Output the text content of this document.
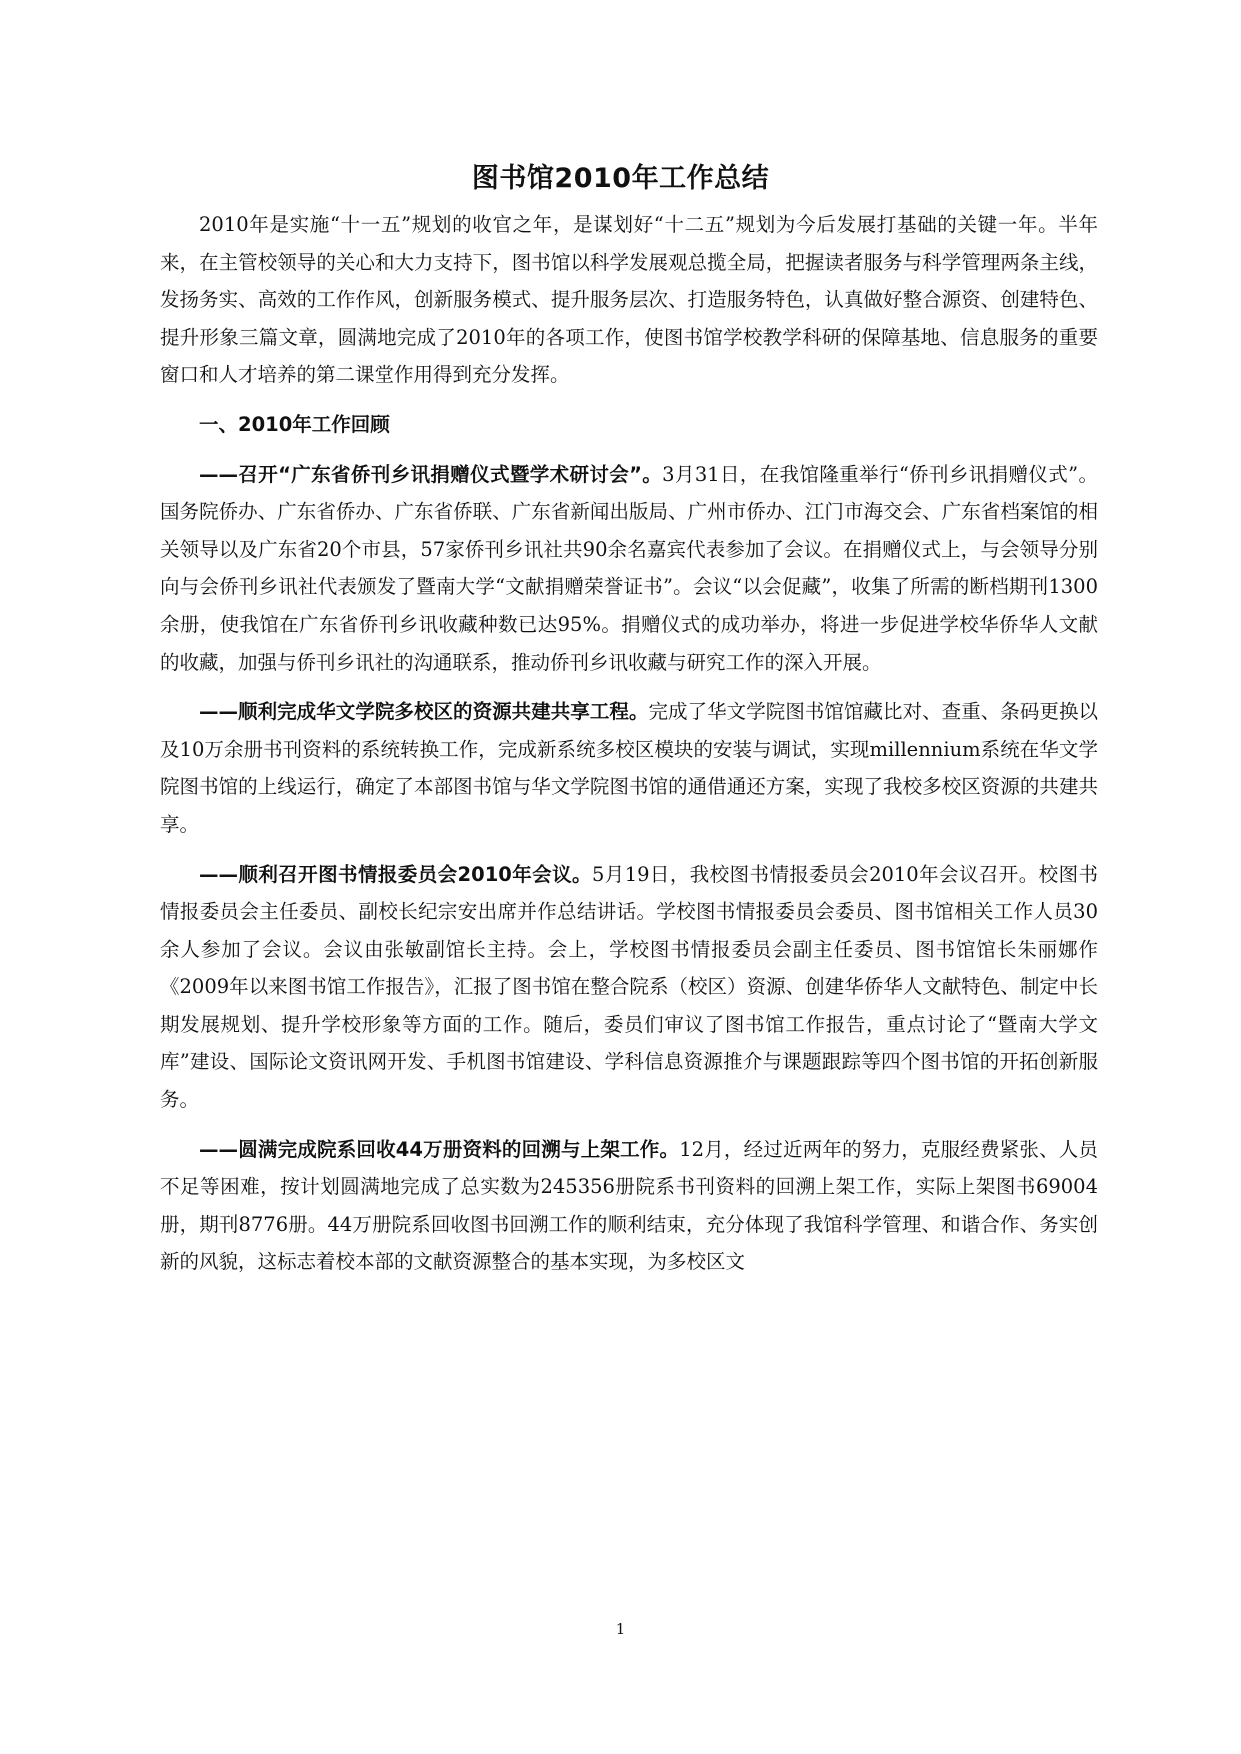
图书馆2010年工作总结

2010年是实施“十一五”规划的收官之年，是谋划好“十二五”规划为今后发展打基础的关键一年。半年来，在主管校领导的关心和大力支持下，图书馆以科学发展观总揽全局，把握读者服务与科学管理两条主线，发扬务实、高效的工作作风，创新服务模式、提升服务层次、打造服务特色，认真做好整合源资、创建特色、提升形象三篇文章，圆满地完成了2010年的各项工作，使图书馆学校教学科研的保障基地、信息服务的重要窗口和人才培养的第二课堂作用得到充分发挥。

一、2010年工作回顾

——召开“广东省侨刊乡讯捐赠仪式暨学术研讨会”。3月31日，在我馆隆重举行“侨刊乡讯捐赠仪式”。国务院侨办、广东省侨办、广东省侨联、广东省新闻出版局、广州市侨办、江门市海交会、广东省档案馆的相关领导以及广东省20个市县，57家侨刊乡讯社共90余名嘉宾代表参加了会议。在捐赠仪式上，与会领导分别向与会侨刊乡讯社代表颁发了暨南大学“文献捐赠荣誉证书”。会议“以会促藏”，收集了所需的断档期刊1300余册，使我馆在广东省侨刊乡讯收藏种数已达95%。捐赠仪式的成功举办，将进一步促进学校华侨华人文献的收藏，加强与侨刊乡讯社的沟通联系，推动侨刊乡讯收藏与研究工作的深入开展。

——顺利完成华文学院多校区的资源共建共享工程。完成了华文学院图书馆馆藏比对、查重、条码更换以及10万余册书刊资料的系统转换工作，完成新系统多校区模块的安装与调试，实现millennium系统在华文学院图书馆的上线运行，确定了本部图书馆与华文学院图书馆的通借通还方案，实现了我校多校区资源的共建共享。

——顺利召开图书情报委员会2010年会议。5月19日，我校图书情报委员会2010年会议召开。校图书情报委员会主任委员、副校长纪宗安出席并作总结讲话。学校图书情报委员会委员、图书馆相关工作人员30余人参加了会议。会议由张敏副馆长主持。会上，学校图书情报委员会副主任委员、图书馆馆长朱丽娜作《2009年以来图书馆工作报告》，汇报了图书馆在整合院系（校区）资源、创建华侨华人文献特色、制定中长期发展规划、提升学校形象等方面的工作。随后，委员们审议了图书馆工作报告，重点讨论了“暨南大学文库”建设、国际论文资讯网开发、手机图书馆建设、学科信息资源推介与课题跟踪等四个图书馆的开拓创新服务。

——圆满完成院系回收44万册资料的回溯与上架工作。12月，经过近两年的努力，克服经费紧张、人员不足等困难，按计划圆满地完成了总实数为245356册院系书刊资料的回溯上架工作，实际上架图书69004册，期刊8776册。44万册院系回收图书回溯工作的顺利结束，充分体现了我馆科学管理、和谐合作、务实创新的风貌，这标志着校本部的文献资源整合的基本实现，为多校区文

1
